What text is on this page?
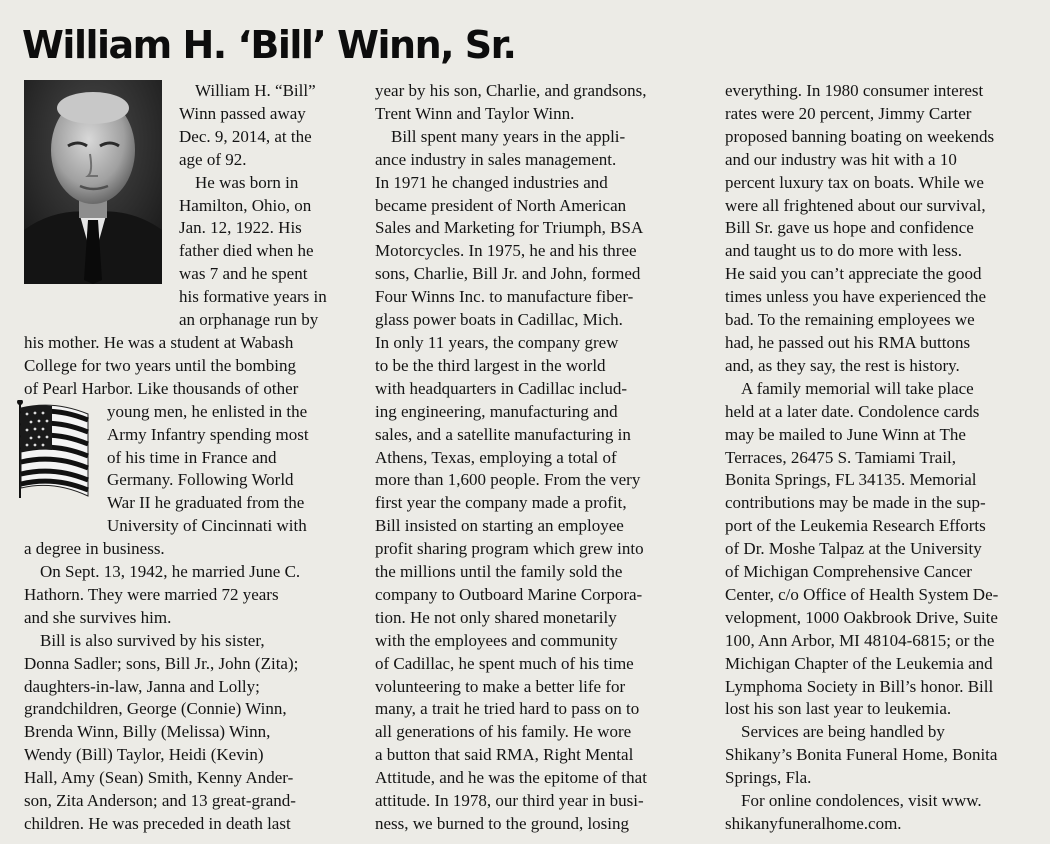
William H. ‘Bill’ Winn, Sr.
William H. “Bill”
Winn passed away
Dec. 9, 2014, at the
age of 92.
He was born in
Hamilton, Ohio, on
Jan. 12, 1922. His
father died when he
was 7 and he spent
his formative years in
an orphanage run by
his mother. He was a student at Wabash
College for two years until the bombing
of Pearl Harbor. Like thousands of other
young men, he enlisted in the
Army Infantry spending most
of his time in France and
Germany. Following World
War II he graduated from the
University of Cincinnati with
a degree in business.
On Sept. 13, 1942, he married June C.
Hathorn. They were married 72 years
and she survives him.
Bill is also survived by his sister,
Donna Sadler; sons, Bill Jr., John (Zita);
daughters-in-law, Janna and Lolly;
grandchildren, George (Connie) Winn,
Brenda Winn, Billy (Melissa) Winn,
Wendy (Bill) Taylor, Heidi (Kevin)
Hall, Amy (Sean) Smith, Kenny Ander-
son, Zita Anderson; and 13 great-grand-
children. He was preceded in death last
year by his son, Charlie, and grandsons,
Trent Winn and Taylor Winn.
Bill spent many years in the appli-
ance industry in sales management.
In 1971 he changed industries and
became president of North American
Sales and Marketing for Triumph, BSA
Motorcycles. In 1975, he and his three
sons, Charlie, Bill Jr. and John, formed
Four Winns Inc. to manufacture fiber-
glass power boats in Cadillac, Mich.
In only 11 years, the company grew
to be the third largest in the world
with headquarters in Cadillac includ-
ing engineering, manufacturing and
sales, and a satellite manufacturing in
Athens, Texas, employing a total of
more than 1,600 people. From the very
first year the company made a profit,
Bill insisted on starting an employee
profit sharing program which grew into
the millions until the family sold the
company to Outboard Marine Corpora-
tion. He not only shared monetarily
with the employees and community
of Cadillac, he spent much of his time
volunteering to make a better life for
many, a trait he tried hard to pass on to
all generations of his family. He wore
a button that said RMA, Right Mental
Attitude, and he was the epitome of that
attitude. In 1978, our third year in busi-
ness, we burned to the ground, losing
everything. In 1980 consumer interest
rates were 20 percent, Jimmy Carter
proposed banning boating on weekends
and our industry was hit with a 10
percent luxury tax on boats. While we
were all frightened about our survival,
Bill Sr. gave us hope and confidence
and taught us to do more with less.
He said you can’t appreciate the good
times unless you have experienced the
bad. To the remaining employees we
had, he passed out his RMA buttons
and, as they say, the rest is history.
A family memorial will take place
held at a later date. Condolence cards
may be mailed to June Winn at The
Terraces, 26475 S. Tamiami Trail,
Bonita Springs, FL 34135. Memorial
contributions may be made in the sup-
port of the Leukemia Research Efforts
of Dr. Moshe Talpaz at the University
of Michigan Comprehensive Cancer
Center, c/o Office of Health System De-
velopment, 1000 Oakbrook Drive, Suite
100, Ann Arbor, MI 48104-6815; or the
Michigan Chapter of the Leukemia and
Lymphoma Society in Bill’s honor. Bill
lost his son last year to leukemia.
Services are being handled by
Shikany’s Bonita Funeral Home, Bonita
Springs, Fla.
For online condolences, visit www.
shikanyfuneralhome.com.
